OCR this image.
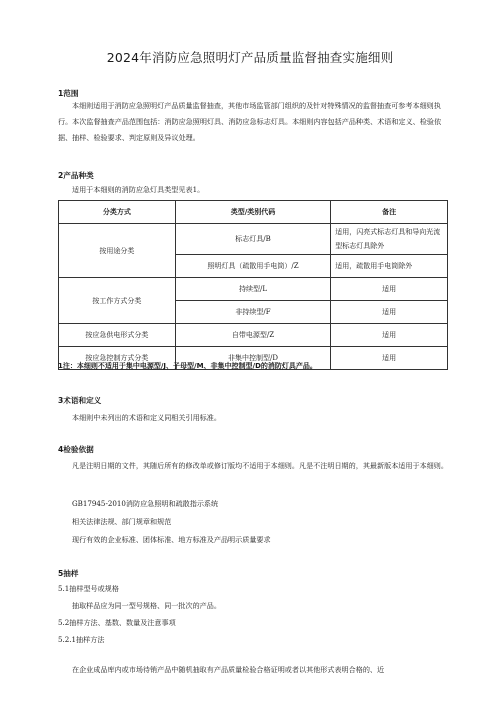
2024年消防应急照明灯产品质量监督抽查实施细则
1范围
本细则适用于消防应急照明灯产品质量监督抽查，其他市场监管部门组织的及针对特殊情况的监督抽查可参考本细则执行。本次监督抽查产品范围包括：消防应急照明灯具、消防应急标志灯具。本细则内容包括产品种类、术语和定义、检验依据、抽样、检验要求、判定原则及异议处理。
2产品种类
适用于本细则的消防应急灯具类型见表1。
分类方式	类型/类别代码	备注
按用途分类	标志灯具/B	适用，闪亮式标志灯具和导向光流型标志灯具除外
	照明灯具（疏散用手电筒）/Z	适用，疏散用手电筒除外
按工作方式分类	持续型/L	适用
	非持续型/F	适用
按应急供电形式分类	自带电源型/Z	适用
按应急控制方式分类	非集中控制型/D	适用
1注：本细则不适用于集中电源型/J、子母型/M、非集中控制型/D的消防灯具产品。
3术语和定义
本细则中未列出的术语和定义同相关引用标准。
4检验依据
凡是注明日期的文件，其随后所有的修改单或修订版均不适用于本细则。凡是不注明日期的，其最新版本适用于本细则。
GB17945-2010消防应急照明和疏散指示系统
相关法律法规、部门规章和规范
现行有效的企业标准、团体标准、地方标准及产品明示质量要求
5抽样
5.1抽样型号或规格
抽取样品应为同一型号规格、同一批次的产品。
5.2抽样方法、基数、数量及注意事项
5.2.1抽样方法
在企业成品库内或市场待销产品中随机抽取有产品质量检验合格证明或者以其他形式表明合格的、近
